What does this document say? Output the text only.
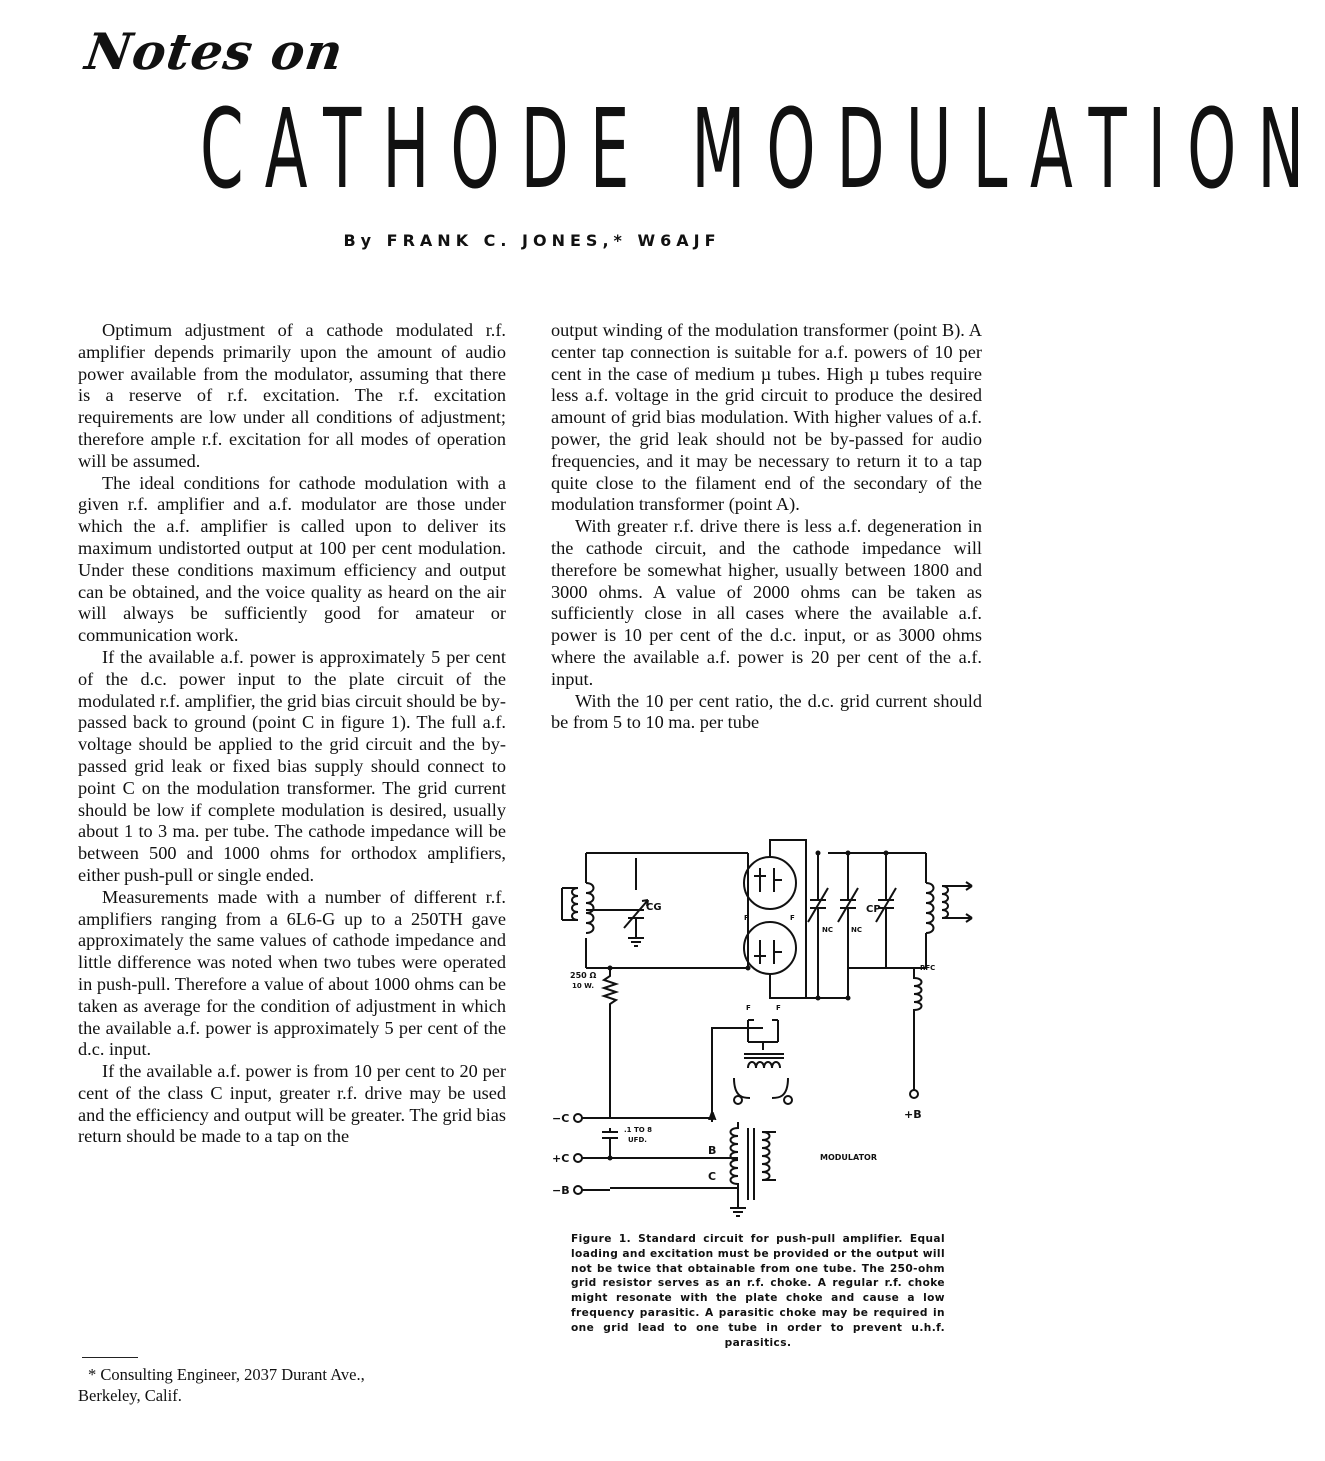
Notes on
CATHODE MODULATION
By FRANK C. JONES,* W6AJF

Optimum adjustment of a cathode modulated r.f. amplifier depends primarily upon the amount of audio power available from the modulator, assuming that there is a reserve of r.f. excitation. The r.f. excitation requirements are low under all conditions of adjustment; therefore ample r.f. excitation for all modes of operation will be assumed.

The ideal conditions for cathode modulation with a given r.f. amplifier and a.f. modulator are those under which the a.f. amplifier is called upon to deliver its maximum undistorted output at 100 per cent modulation. Under these conditions maximum efficiency and output can be obtained, and the voice quality as heard on the air will always be sufficiently good for amateur or communication work.

If the available a.f. power is approximately 5 per cent of the d.c. power input to the plate circuit of the modulated r.f. amplifier, the grid bias circuit should be by-passed back to ground (point C in figure 1). The full a.f. voltage should be applied to the grid circuit and the by-passed grid leak or fixed bias supply should connect to point C on the modulation transformer. The grid current should be low if complete modulation is desired, usually about 1 to 3 ma. per tube. The cathode impedance will be between 500 and 1000 ohms for orthodox amplifiers, either push-pull or single ended.

Measurements made with a number of different r.f. amplifiers ranging from a 6L6-G up to a 250TH gave approximately the same values of cathode impedance and little difference was noted when two tubes were operated in push-pull. Therefore a value of about 1000 ohms can be taken as average for the condition of adjustment in which the available a.f. power is approximately 5 per cent of the d.c. input.

If the available a.f. power is from 10 per cent to 20 per cent of the class C input, greater r.f. drive may be used and the efficiency and output will be greater. The grid bias return should be made to a tap on the

output winding of the modulation transformer (point B). A center tap connection is suitable for a.f. powers of 10 per cent in the case of medium µ tubes. High µ tubes require less a.f. voltage in the grid circuit to produce the desired amount of grid bias modulation. With higher values of a.f. power, the grid leak should not be by-passed for audio frequencies, and it may be necessary to return it to a tap quite close to the filament end of the secondary of the modulation transformer (point A).

With greater r.f. drive there is less a.f. degeneration in the cathode circuit, and the cathode impedance will therefore be somewhat higher, usually between 1800 and 3000 ohms. A value of 2000 ohms can be taken as sufficiently close in all cases where the available a.f. power is 10 per cent of the d.c. input, or as 3000 ohms where the available a.f. power is 20 per cent of the a.f. input.

With the 10 per cent ratio, the d.c. grid current should be from 5 to 10 ma. per tube

* Consulting Engineer, 2037 Durant Ave.,
Berkeley, Calif.
CG	CP
NC	NC
F	F
F	F
250 Ω
10 W.
RFC
.1 TO 8
UFD.
−C
+C
−B
+B
A
B
C
MODULATOR
Figure 1. Standard circuit for push-pull amplifier. Equal loading and excitation must be provided or the output will not be twice that obtainable from one tube. The 250-ohm grid resistor serves as an r.f. choke. A regular r.f. choke might resonate with the plate choke and cause a low frequency parasitic. A parasitic choke may be required in one grid lead to one tube in order to prevent u.h.f. parasitics.
